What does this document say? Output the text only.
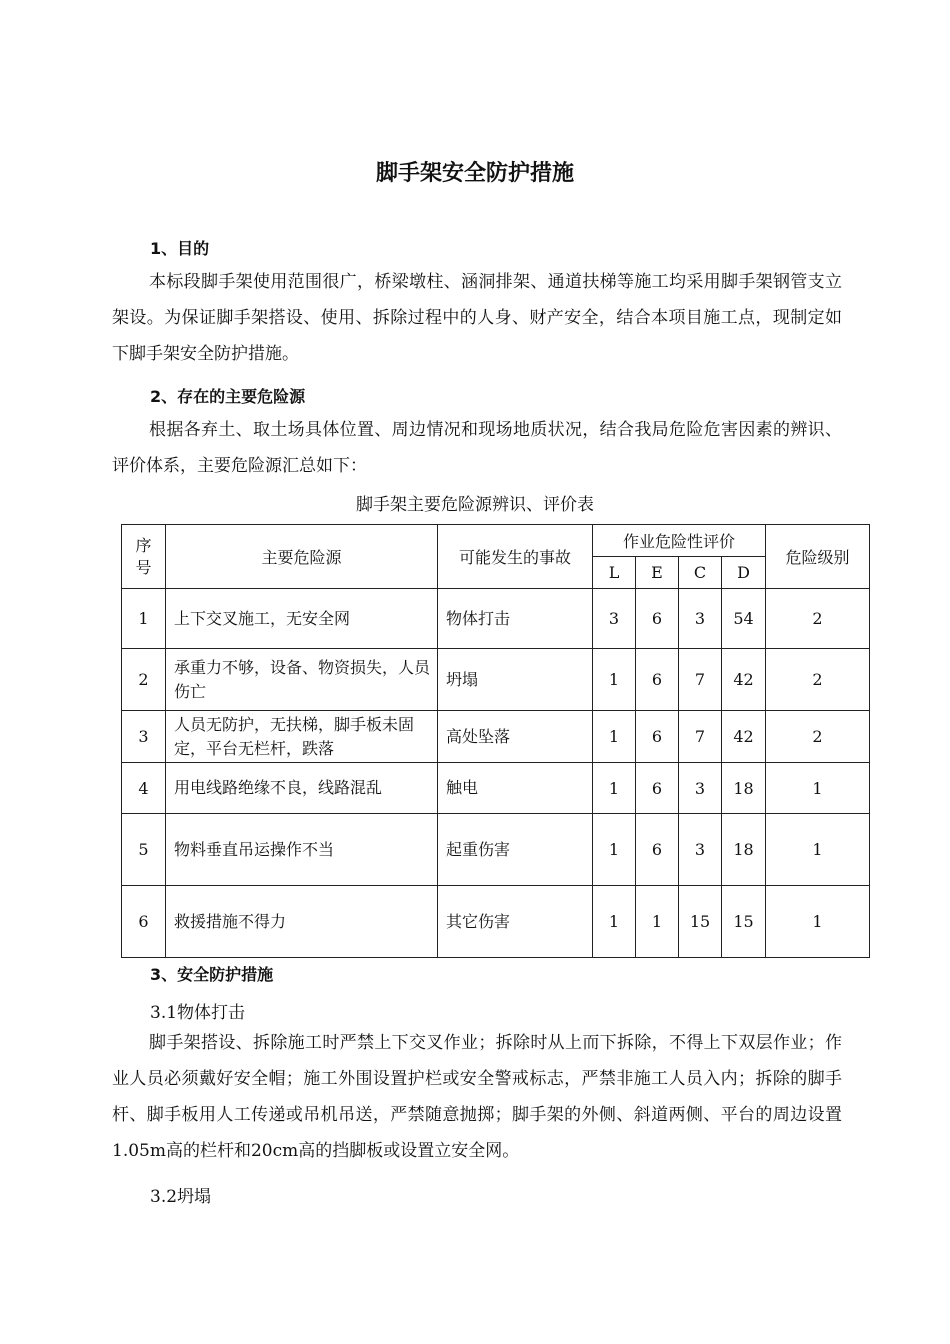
脚手架安全防护措施
1、目的
本标段脚手架使用范围很广，桥梁墩柱、涵洞排架、通道扶梯等施工均采用脚手架钢管支立架设。为保证脚手架搭设、使用、拆除过程中的人身、财产安全，结合本项目施工点，现制定如下脚手架安全防护措施。
2、存在的主要危险源
根据各弃土、取土场具体位置、周边情况和现场地质状况，结合我局危险危害因素的辨识、评价体系，主要危险源汇总如下：
脚手架主要危险源辨识、评价表
序号	主要危险源	可能发生的事故	作业危险性评价				危险级别
			L	E	C	D	
1	上下交叉施工，无安全网	物体打击	3	6	3	54	2
2	承重力不够，设备、物资损失，人员伤亡	坍塌	1	6	7	42	2
3	人员无防护，无扶梯，脚手板未固定，平台无栏杆，跌落	高处坠落	1	6	7	42	2
4	用电线路绝缘不良，线路混乱	触电	1	6	3	18	1
5	物料垂直吊运操作不当	起重伤害	1	6	3	18	1
6	救援措施不得力	其它伤害	1	1	15	15	1
3、安全防护措施
3.1物体打击
脚手架搭设、拆除施工时严禁上下交叉作业；拆除时从上而下拆除，不得上下双层作业；作业人员必须戴好安全帽；施工外围设置护栏或安全警戒标志，严禁非施工人员入内；拆除的脚手杆、脚手板用人工传递或吊机吊送，严禁随意抛掷；脚手架的外侧、斜道两侧、平台的周边设置1.05m高的栏杆和20cm高的挡脚板或设置立安全网。
3.2坍塌
